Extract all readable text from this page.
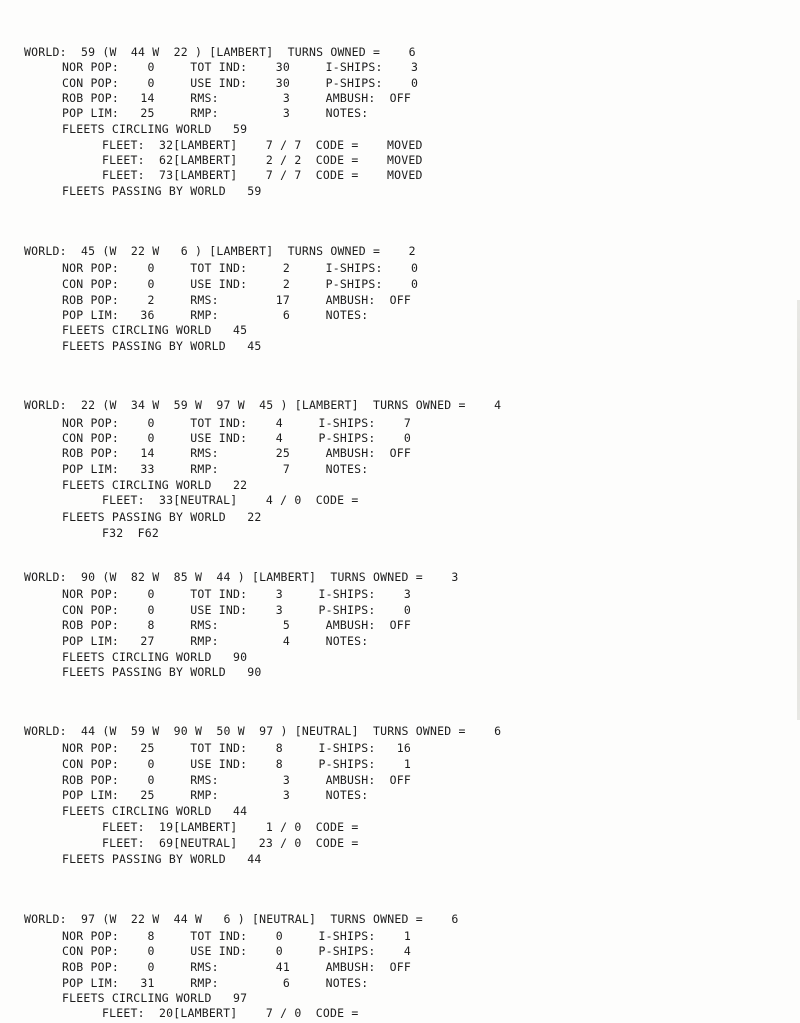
WORLD:  59 (W  44 W  22 ) [LAMBERT]  TURNS OWNED =    6
NOR POP:    0     TOT IND:    30     I-SHIPS:    3
CON POP:    0     USE IND:    30     P-SHIPS:    0
ROB POP:   14     RMS:         3     AMBUSH:  OFF
POP LIM:   25     RMP:         3     NOTES:
FLEETS CIRCLING WORLD   59
FLEET:  32[LAMBERT]    7 / 7  CODE =    MOVED
FLEET:  62[LAMBERT]    2 / 2  CODE =    MOVED
FLEET:  73[LAMBERT]    7 / 7  CODE =    MOVED
FLEETS PASSING BY WORLD   59
WORLD:  45 (W  22 W   6 ) [LAMBERT]  TURNS OWNED =    2
NOR POP:    0     TOT IND:     2     I-SHIPS:    0
CON POP:    0     USE IND:     2     P-SHIPS:    0
ROB POP:    2     RMS:        17     AMBUSH:  OFF
POP LIM:   36     RMP:         6     NOTES:
FLEETS CIRCLING WORLD   45
FLEETS PASSING BY WORLD   45
WORLD:  22 (W  34 W  59 W  97 W  45 ) [LAMBERT]  TURNS OWNED =    4
NOR POP:    0     TOT IND:    4     I-SHIPS:    7
CON POP:    0     USE IND:    4     P-SHIPS:    0
ROB POP:   14     RMS:        25     AMBUSH:  OFF
POP LIM:   33     RMP:         7     NOTES:
FLEETS CIRCLING WORLD   22
FLEET:  33[NEUTRAL]    4 / 0  CODE =
FLEETS PASSING BY WORLD   22
F32  F62
WORLD:  90 (W  82 W  85 W  44 ) [LAMBERT]  TURNS OWNED =    3
NOR POP:    0     TOT IND:    3     I-SHIPS:    3
CON POP:    0     USE IND:    3     P-SHIPS:    0
ROB POP:    8     RMS:         5     AMBUSH:  OFF
POP LIM:   27     RMP:         4     NOTES:
FLEETS CIRCLING WORLD   90
FLEETS PASSING BY WORLD   90
WORLD:  44 (W  59 W  90 W  50 W  97 ) [NEUTRAL]  TURNS OWNED =    6
NOR POP:   25     TOT IND:    8     I-SHIPS:   16
CON POP:    0     USE IND:    8     P-SHIPS:    1
ROB POP:    0     RMS:         3     AMBUSH:  OFF
POP LIM:   25     RMP:         3     NOTES:
FLEETS CIRCLING WORLD   44
FLEET:  19[LAMBERT]    1 / 0  CODE =
FLEET:  69[NEUTRAL]   23 / 0  CODE =
FLEETS PASSING BY WORLD   44
WORLD:  97 (W  22 W  44 W   6 ) [NEUTRAL]  TURNS OWNED =    6
NOR POP:    8     TOT IND:    0     I-SHIPS:    1
CON POP:    0     USE IND:    0     P-SHIPS:    4
ROB POP:    0     RMS:        41     AMBUSH:  OFF
POP LIM:   31     RMP:         6     NOTES:
FLEETS CIRCLING WORLD   97
FLEET:  20[LAMBERT]    7 / 0  CODE =
